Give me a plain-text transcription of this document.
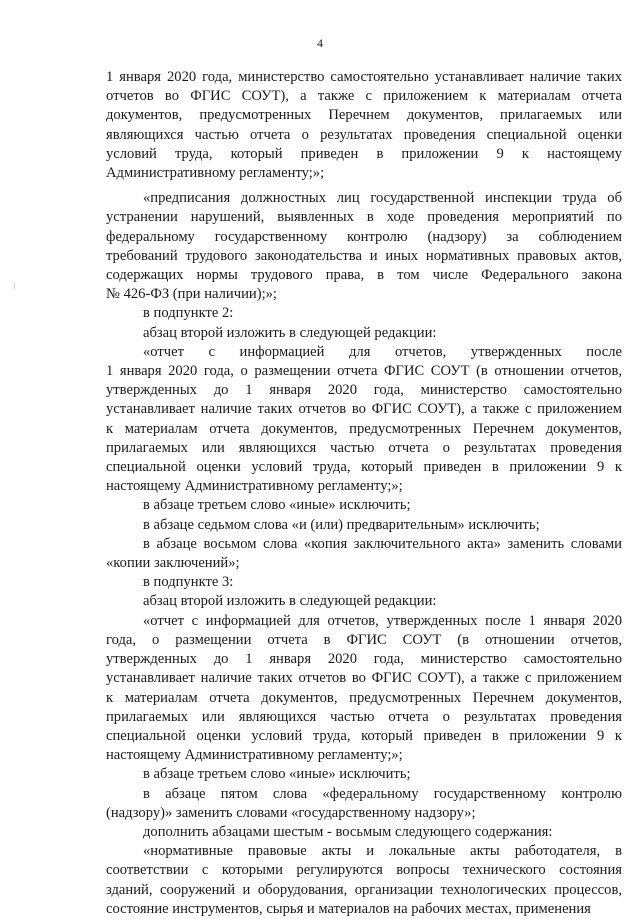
4

1 января 2020 года, министерство самостоятельно устанавливает наличие таких

отчетов во ФГИС СОУТ), а также с приложением к материалам отчета

документов, предусмотренных Перечнем документов, прилагаемых или

являющихся частью отчета о результатах проведения специальной оценки

условий труда, который приведен в приложении 9 к настоящему

Административному регламенту;»;

«предписания должностных лиц государственной инспекции труда об

устранении нарушений, выявленных в ходе проведения мероприятий по

федеральному государственному контролю (надзору) за соблюдением

требований трудового законодательства и иных нормативных правовых актов,

содержащих нормы трудового права, в том числе Федерального закона

№ 426-ФЗ (при наличии);»;

в подпункте 2:

абзац второй изложить в следующей редакции:

«отчет с информацией для отчетов, утвержденных после

1 января 2020 года, о размещении отчета ФГИС СОУТ (в отношении отчетов,

утвержденных до 1 января 2020 года, министерство самостоятельно

устанавливает наличие таких отчетов во ФГИС СОУТ), а также с приложением

к материалам отчета документов, предусмотренных Перечнем документов,

прилагаемых или являющихся частью отчета о результатах проведения

специальной оценки условий труда, который приведен в приложении 9 к

настоящему Административному регламенту;»;

в абзаце третьем слово «иные» исключить;

в абзаце седьмом слова «и (или) предварительным» исключить;

в абзаце восьмом слова «копия заключительного акта» заменить словами

«копии заключений»;

в подпункте 3:

абзац второй изложить в следующей редакции:

«отчет с информацией для отчетов, утвержденных после 1 января 2020

года, о размещении отчета в ФГИС СОУТ (в отношении отчетов,

утвержденных до 1 января 2020 года, министерство самостоятельно

устанавливает наличие таких отчетов во ФГИС СОУТ), а также с приложением

к материалам отчета документов, предусмотренных Перечнем документов,

прилагаемых или являющихся частью отчета о результатах проведения

специальной оценки условий труда, который приведен в приложении 9 к

настоящему Административному регламенту;»;

в абзаце третьем слово «иные» исключить;

в абзаце пятом слова «федеральному государственному контролю

(надзору)» заменить словами «государственному надзору»;

дополнить абзацами шестым - восьмым следующего содержания:

«нормативные правовые акты и локальные акты работодателя, в

соответствии с которыми регулируются вопросы технического состояния

зданий, сооружений и оборудования, организации технологических процессов,

состояние инструментов, сырья и материалов на рабочих местах, применения
